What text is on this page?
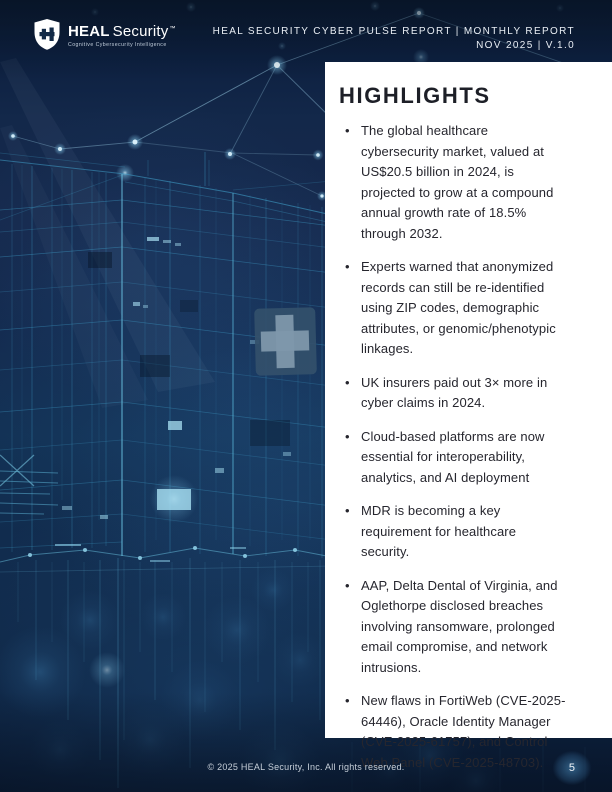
HEAL Security™
Cognitive Cybersecurity Intelligence
HEAL SECURITY CYBER PULSE REPORT | MONTHLY REPORT
NOV 2025 | V.1.0
HIGHLIGHTS
• The global healthcare cybersecurity market, valued at US$20.5 billion in 2024, is projected to grow at a compound annual growth rate of 18.5% through 2032.
• Experts warned that anonymized records can still be re-identified using ZIP codes, demographic attributes, or genomic/phenotypic linkages.
• UK insurers paid out 3× more in cyber claims in 2024.
• Cloud-based platforms are now essential for interoperability, analytics, and AI deployment
• MDR is becoming a key requirement for healthcare security.
• AAP, Delta Dental of Virginia, and Oglethorpe disclosed breaches involving ransomware, prolonged email compromise, and network intrusions.
• New flaws in FortiWeb (CVE-2025-64446), Oracle Identity Manager (CVE-2025-61757), and Control Web Panel (CVE-2025-48703).
© 2025 HEAL Security, Inc. All rights reserved.	5
